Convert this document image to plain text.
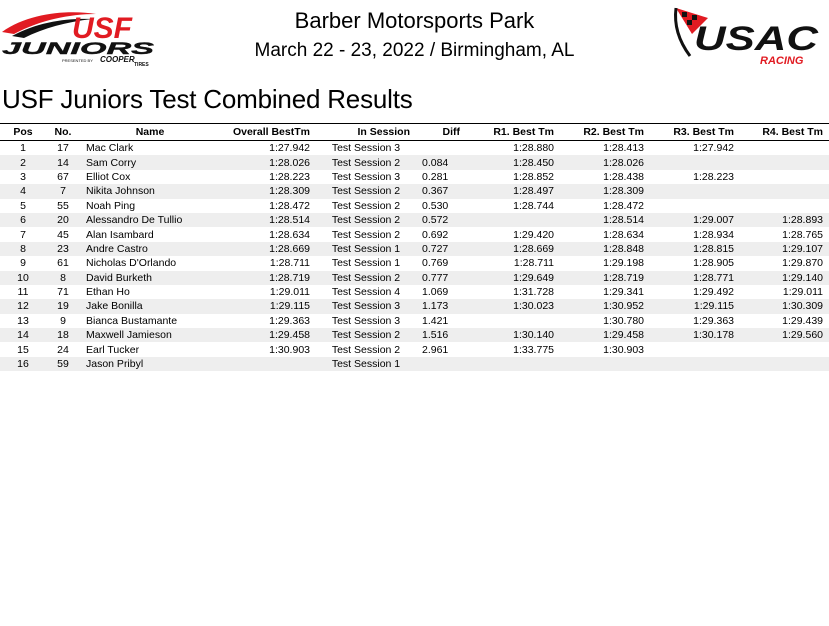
USF
JUNIORS
PRESENTED BY COOPER
TIRES
Barber Motorsports Park
March 22 - 23, 2022 / Birmingham, AL	USAC
RACING
USF Juniors Test Combined Results
Pos	No.	Name	Overall BestTm	In Session	Diff	R1. Best Tm	R2. Best Tm	R3. Best Tm	R4. Best Tm
1	17	Mac Clark	1:27.942	Test Session 3		1:28.880	1:28.413	1:27.942	
2	14	Sam Corry	1:28.026	Test Session 2	0.084	1:28.450	1:28.026		
3	67	Elliot Cox	1:28.223	Test Session 3	0.281	1:28.852	1:28.438	1:28.223	
4	7	Nikita Johnson	1:28.309	Test Session 2	0.367	1:28.497	1:28.309		
5	55	Noah Ping	1:28.472	Test Session 2	0.530	1:28.744	1:28.472		
6	20	Alessandro De Tullio	1:28.514	Test Session 2	0.572		1:28.514	1:29.007	1:28.893
7	45	Alan Isambard	1:28.634	Test Session 2	0.692	1:29.420	1:28.634	1:28.934	1:28.765
8	23	Andre Castro	1:28.669	Test Session 1	0.727	1:28.669	1:28.848	1:28.815	1:29.107
9	61	Nicholas D'Orlando	1:28.711	Test Session 1	0.769	1:28.711	1:29.198	1:28.905	1:29.870
10	8	David Burketh	1:28.719	Test Session 2	0.777	1:29.649	1:28.719	1:28.771	1:29.140
11	71	Ethan Ho	1:29.011	Test Session 4	1.069	1:31.728	1:29.341	1:29.492	1:29.011
12	19	Jake Bonilla	1:29.115	Test Session 3	1.173	1:30.023	1:30.952	1:29.115	1:30.309
13	9	Bianca Bustamante	1:29.363	Test Session 3	1.421		1:30.780	1:29.363	1:29.439
14	18	Maxwell Jamieson	1:29.458	Test Session 2	1.516	1:30.140	1:29.458	1:30.178	1:29.560
15	24	Earl Tucker	1:30.903	Test Session 2	2.961	1:33.775	1:30.903		
16	59	Jason Pribyl		Test Session 1					
